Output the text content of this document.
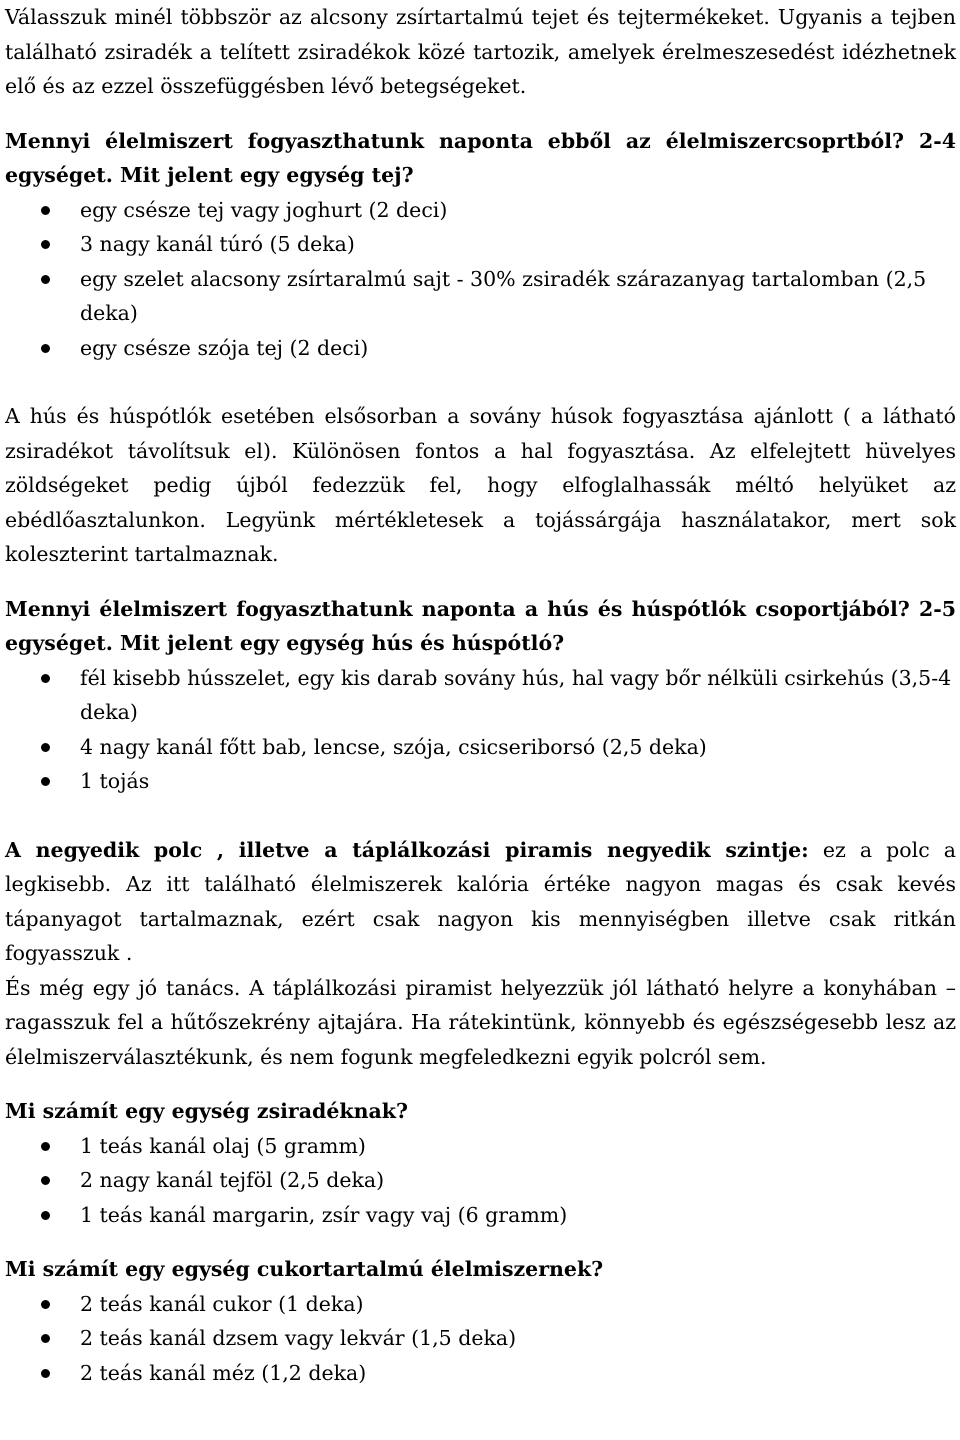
Válasszuk minél többször az alcsony zsírtartalmú tejet és tejtermékeket. Ugyanis a tejben található zsiradék a telített zsiradékok közé tartozik, amelyek érelmeszesedést idézhetnek elő és az ezzel összefüggésben lévő betegségeket.

Mennyi élelmiszert fogyaszthatunk naponta ebből az élelmiszercsoprtból? 2-4 egységet. Mit jelent egy egység tej?

egy csésze tej vagy joghurt (2 deci)
3 nagy kanál túró (5 deka)
egy szelet alacsony zsírtaralmú sajt - 30% zsiradék szárazanyag tartalomban (2,5 deka)
egy csésze szója tej (2 deci)

A hús és húspótlók esetében elsősorban a sovány húsok fogyasztása ajánlott ( a látható zsiradékot távolítsuk el). Különösen fontos a hal fogyasztása. Az elfelejtett hüvelyes zöldségeket pedig újból fedezzük fel, hogy elfoglalhassák méltó helyüket az ebédlőasztalunkon. Legyünk mértékletesek a tojássárgája használatakor, mert sok koleszterint tartalmaznak.

Mennyi élelmiszert fogyaszthatunk naponta a hús és húspótlók csoportjából? 2-5 egységet. Mit jelent egy egység hús és húspótló?

fél kisebb hússzelet, egy kis darab sovány hús, hal vagy bőr nélküli csirkehús (3,5-4 deka)
4 nagy kanál főtt bab, lencse, szója, csicseriborsó (2,5 deka)
1 tojás

A negyedik polc , illetve a táplálkozási piramis negyedik szintje: ez a polc a legkisebb. Az itt található élelmiszerek kalória értéke nagyon magas és csak kevés tápanyagot tartalmaznak, ezért csak nagyon kis mennyiségben illetve csak ritkán fogyasszuk .

És még egy jó tanács. A táplálkozási piramist helyezzük jól látható helyre a konyhában – ragasszuk fel a hűtőszekrény ajtajára. Ha rátekintünk, könnyebb és egészségesebb lesz az élelmiszerválasztékunk, és nem fogunk megfeledkezni egyik polcról sem.

Mi számít egy egység zsiradéknak?

1 teás kanál olaj (5 gramm)
2 nagy kanál tejföl (2,5 deka)
1 teás kanál margarin, zsír vagy vaj (6 gramm)

Mi számít egy egység cukortartalmú élelmiszernek?

2 teás kanál cukor (1 deka)
2 teás kanál dzsem vagy lekvár (1,5 deka)
2 teás kanál méz (1,2 deka)
